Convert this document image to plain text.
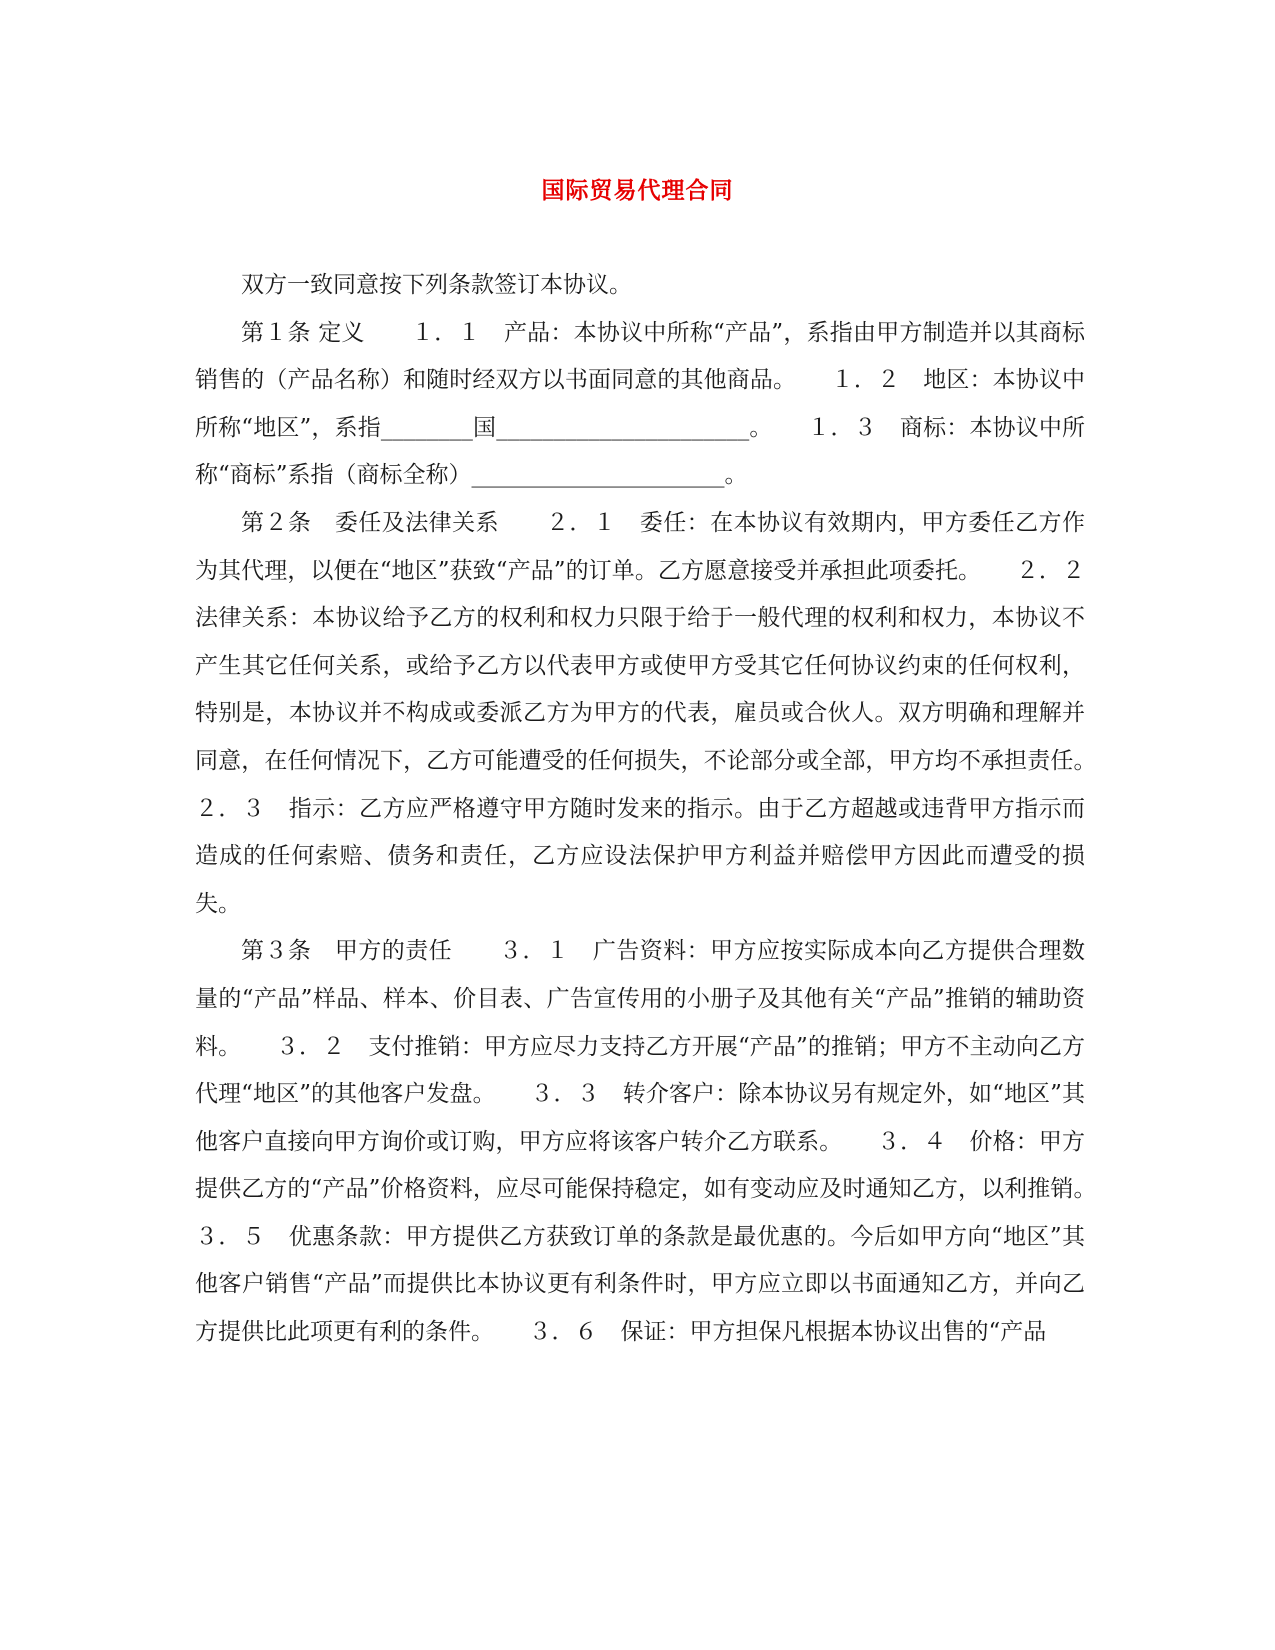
国际贸易代理合同

双方一致同意按下列条款签订本协议。

第１条 定义　　１．１　产品：本协议中所称“产品”，系指由甲方制造并以其商标销售的（产品名称）和随时经双方以书面同意的其他商品。　　１．２　地区：本协议中所称“地区”，系指________国______________________。　　１．３　商标：本协议中所称“商标”系指（商标全称）______________________。

第２条　委任及法律关系　　２．１　委任：在本协议有效期内，甲方委任乙方作为其代理，以便在“地区”获致“产品”的订单。乙方愿意接受并承担此项委托。　　２．２　法律关系：本协议给予乙方的权利和权力只限于给于一般代理的权利和权力，本协议不产生其它任何关系，或给予乙方以代表甲方或使甲方受其它任何协议约束的任何权利，特别是，本协议并不构成或委派乙方为甲方的代表，雇员或合伙人。双方明确和理解并同意，在任何情况下，乙方可能遭受的任何损失，不论部分或全部，甲方均不承担责任。　　２．３　指示：乙方应严格遵守甲方随时发来的指示。由于乙方超越或违背甲方指示而造成的任何索赔、债务和责任，乙方应设法保护甲方利益并赔偿甲方因此而遭受的损失。

第３条　甲方的责任　　３．１　广告资料：甲方应按实际成本向乙方提供合理数量的“产品”样品、样本、价目表、广告宣传用的小册子及其他有关“产品”推销的辅助资料。　　３．２　支付推销：甲方应尽力支持乙方开展“产品”的推销；甲方不主动向乙方代理“地区”的其他客户发盘。　　３．３　转介客户：除本协议另有规定外，如“地区”其他客户直接向甲方询价或订购，甲方应将该客户转介乙方联系。　　３．４　价格：甲方提供乙方的“产品”价格资料，应尽可能保持稳定，如有变动应及时通知乙方，以利推销。　　３．５　优惠条款：甲方提供乙方获致订单的条款是最优惠的。今后如甲方向“地区”其他客户销售“产品”而提供比本协议更有利条件时，甲方应立即以书面通知乙方，并向乙方提供比此项更有利的条件。　　３．６　保证：甲方担保凡根据本协议出售的“产品
